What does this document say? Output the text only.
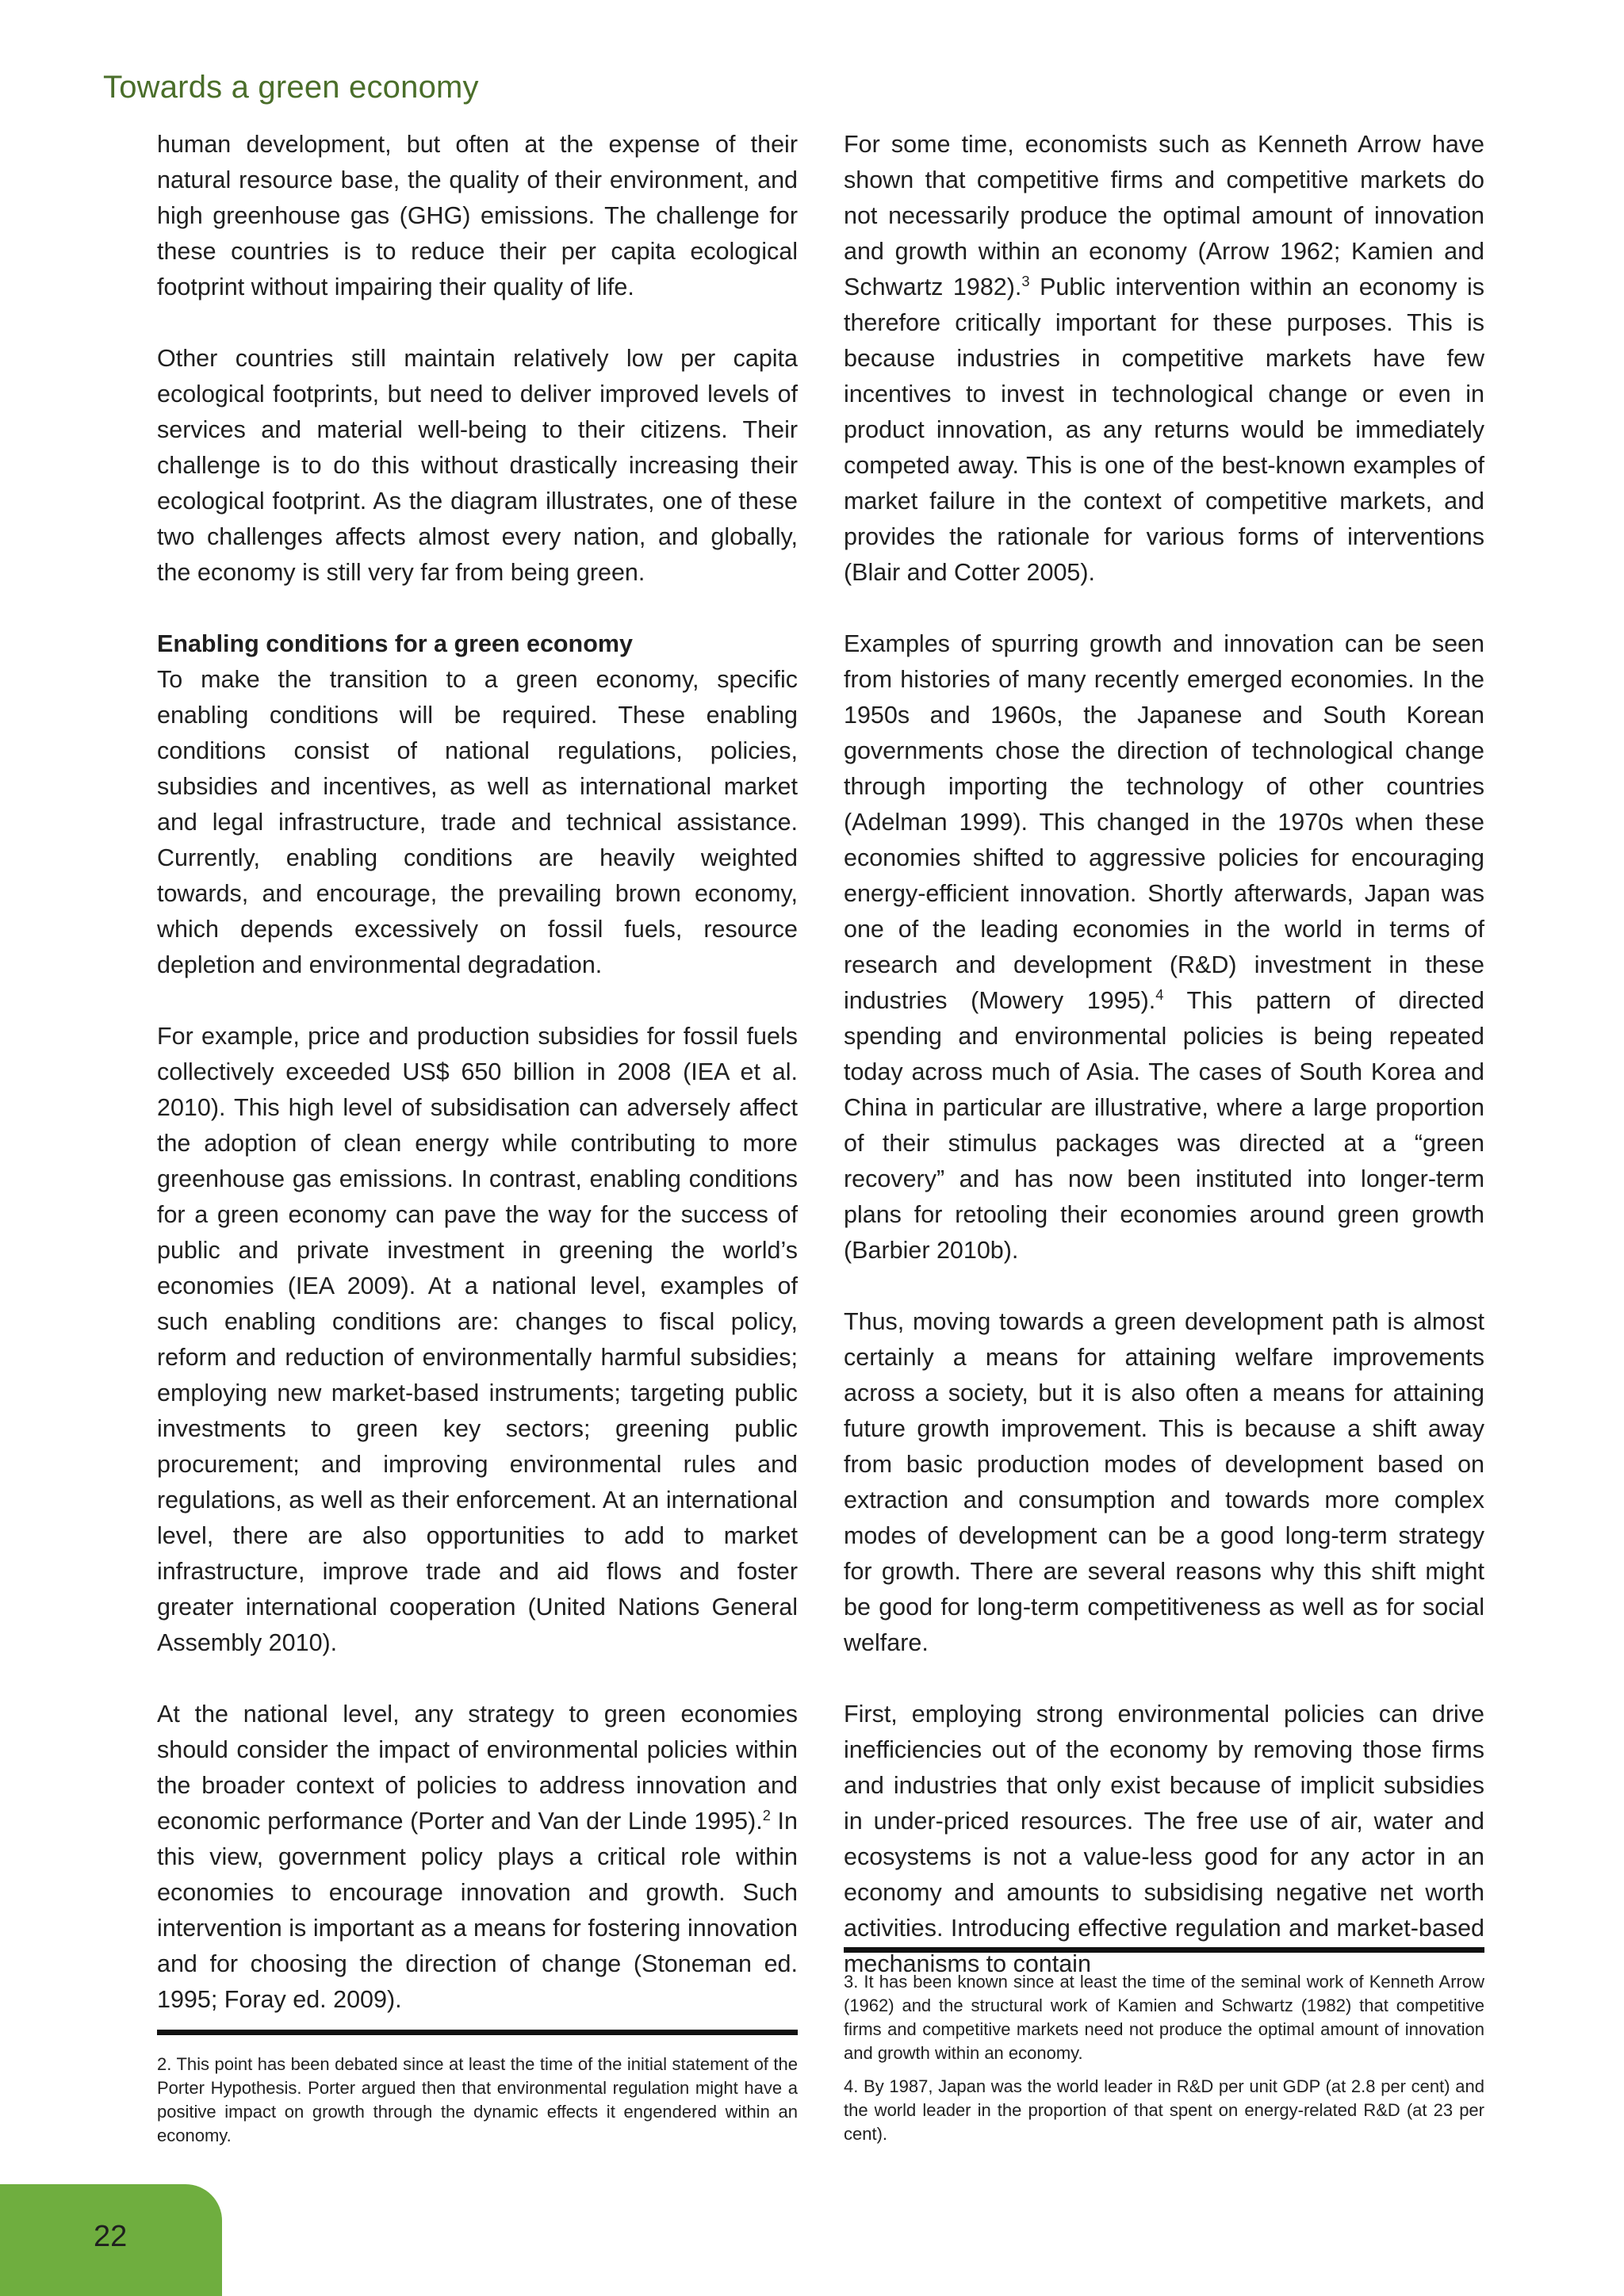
Towards a green economy

human development, but often at the expense of their natural resource base, the quality of their environment, and high greenhouse gas (GHG) emissions. The challenge for these countries is to reduce their per capita ecological footprint without impairing their quality of life.

Other countries still maintain relatively low per capita ecological footprints, but need to deliver improved levels of services and material well-being to their citizens. Their challenge is to do this without drastically increasing their ecological footprint. As the diagram illustrates, one of these two challenges affects almost every nation, and globally, the economy is still very far from being green.

Enabling conditions for a green economy

To make the transition to a green economy, specific enabling conditions will be required. These enabling conditions consist of national regulations, policies, subsidies and incentives, as well as international market and legal infrastructure, trade and technical assistance. Currently, enabling conditions are heavily weighted towards, and encourage, the prevailing brown economy, which depends excessively on fossil fuels, resource depletion and environmental degradation.

For example, price and production subsidies for fossil fuels collectively exceeded US$ 650 billion in 2008 (IEA et al. 2010). This high level of subsidisation can adversely affect the adoption of clean energy while contributing to more greenhouse gas emissions. In contrast, enabling conditions for a green economy can pave the way for the success of public and private investment in greening the world’s economies (IEA 2009). At a national level, examples of such enabling conditions are: changes to fiscal policy, reform and reduction of environmentally harmful subsidies; employing new market-based instruments; targeting public investments to green key sectors; greening public procurement; and improving environmental rules and regulations, as well as their enforcement. At an international level, there are also opportunities to add to market infrastructure, improve trade and aid flows and foster greater international cooperation (United Nations General Assembly 2010).

At the national level, any strategy to green economies should consider the impact of environmental policies within the broader context of policies to address innovation and economic performance (Porter and Van der Linde 1995).$^2$ In this view, government policy plays a critical role within economies to encourage innovation and growth. Such intervention is important as a means for fostering innovation and for choosing the direction of change (Stoneman ed. 1995; Foray ed. 2009).

2. This point has been debated since at least the time of the initial statement of the Porter Hypothesis. Porter argued then that environmental regulation might have a positive impact on growth through the dynamic effects it engendered within an economy.

For some time, economists such as Kenneth Arrow have shown that competitive firms and competitive markets do not necessarily produce the optimal amount of innovation and growth within an economy (Arrow 1962; Kamien and Schwartz 1982).$^3$ Public intervention within an economy is therefore critically important for these purposes. This is because industries in competitive markets have few incentives to invest in technological change or even in product innovation, as any returns would be immediately competed away. This is one of the best-known examples of market failure in the context of competitive markets, and provides the rationale for various forms of interventions (Blair and Cotter 2005).

Examples of spurring growth and innovation can be seen from histories of many recently emerged economies. In the 1950s and 1960s, the Japanese and South Korean governments chose the direction of technological change through importing the technology of other countries (Adelman 1999). This changed in the 1970s when these economies shifted to aggressive policies for encouraging energy-efficient innovation. Shortly afterwards, Japan was one of the leading economies in the world in terms of research and development (R&D) investment in these industries (Mowery 1995).$^4$ This pattern of directed spending and environmental policies is being repeated today across much of Asia. The cases of South Korea and China in particular are illustrative, where a large proportion of their stimulus packages was directed at a “green recovery” and has now been instituted into longer-term plans for retooling their economies around green growth (Barbier 2010b).

Thus, moving towards a green development path is almost certainly a means for attaining welfare improvements across a society, but it is also often a means for attaining future growth improvement. This is because a shift away from basic production modes of development based on extraction and consumption and towards more complex modes of development can be a good long-term strategy for growth. There are several reasons why this shift might be good for long-term competitiveness as well as for social welfare.

First, employing strong environmental policies can drive inefficiencies out of the economy by removing those firms and industries that only exist because of implicit subsidies in under-priced resources. The free use of air, water and ecosystems is not a value-less good for any actor in an economy and amounts to subsidising negative net worth activities. Introducing effective regulation and market-based mechanisms to contain

3. It has been known since at least the time of the seminal work of Kenneth Arrow (1962) and the structural work of Kamien and Schwartz (1982) that competitive firms and competitive markets need not produce the optimal amount of innovation and growth within an economy.

4. By 1987, Japan was the world leader in R&D per unit GDP (at 2.8 per cent) and the world leader in the proportion of that spent on energy-related R&D (at 23 per cent).

22
